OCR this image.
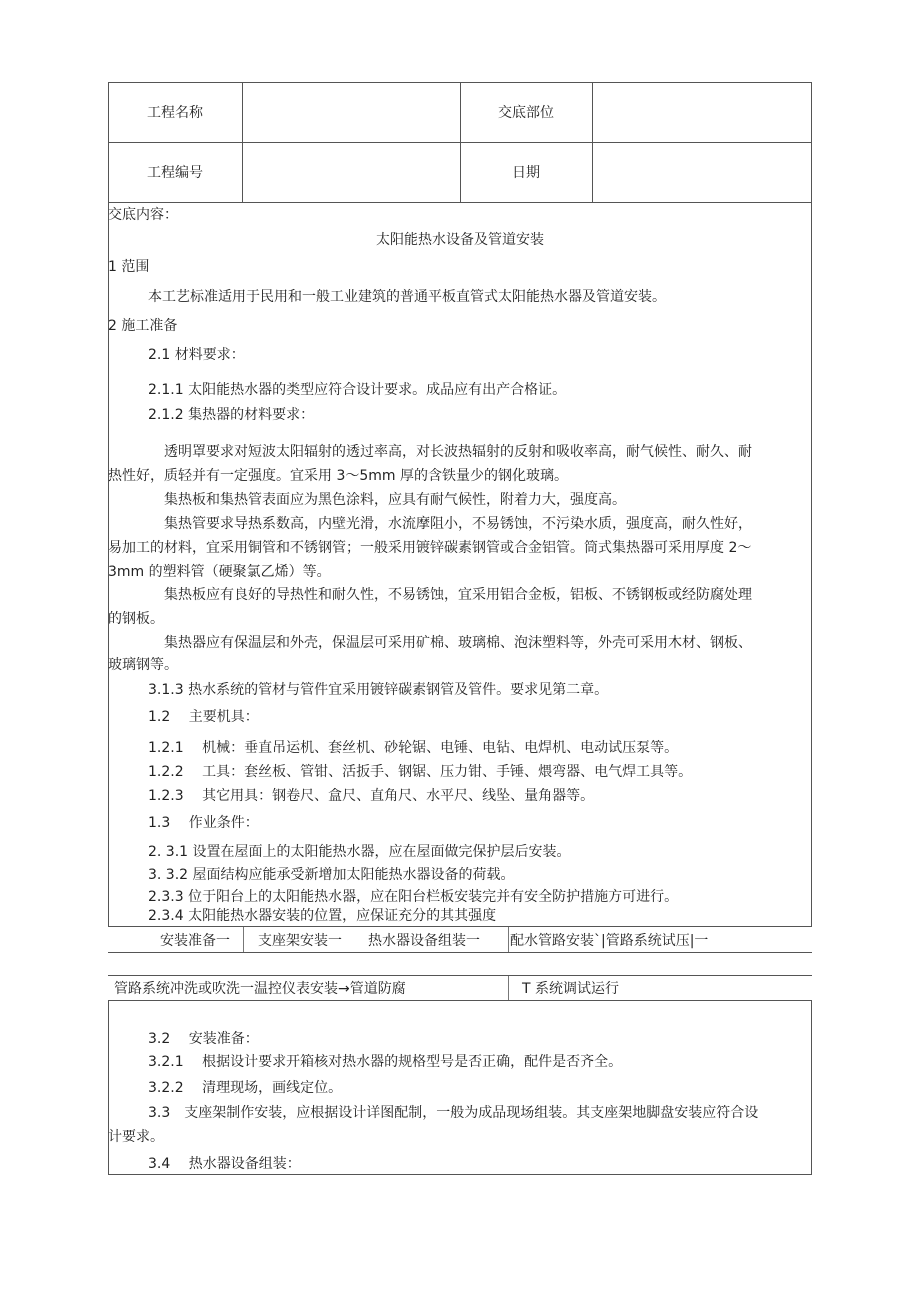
工程名称	交底部位
工程编号	日期
交底内容：
太阳能热水设备及管道安装
1 范围
本工艺标准适用于民用和一般工业建筑的普通平板直管式太阳能热水器及管道安装。
2 施工准备
2.1 材料要求：
2.1.1 太阳能热水器的类型应符合设计要求。成品应有出产合格证。
2.1.2 集热器的材料要求：
透明罩要求对短波太阳辐射的透过率高，对长波热辐射的反射和吸收率高，耐气候性、耐久、耐
热性好，质轻并有一定强度。宜采用 3～5mm 厚的含铁量少的钢化玻璃。
集热板和集热管表面应为黑色涂料，应具有耐气候性，附着力大，强度高。
集热管要求导热系数高，内壁光滑，水流摩阻小，不易锈蚀，不污染水质，强度高，耐久性好，
易加工的材料，宜采用铜管和不锈钢管；一般采用镀锌碳素钢管或合金铝管。筒式集热器可采用厚度 2～
3mm 的塑料管（硬聚氯乙烯）等。
集热板应有良好的导热性和耐久性，不易锈蚀，宜采用铝合金板，铝板、不锈钢板或经防腐处理
的钢板。
集热器应有保温层和外壳，保温层可采用矿棉、玻璃棉、泡沫塑料等，外壳可采用木材、钢板、
玻璃钢等。
3.1.3 热水系统的管材与管件宜采用镀锌碳素钢管及管件。要求见第二章。
1.2　 主要机具：
1.2.1　 机械：垂直吊运机、套丝机、砂轮锯、电锤、电钻、电焊机、电动试压泵等。
1.2.2　 工具：套丝板、管钳、活扳手、钢锯、压力钳、手锤、煨弯器、电气焊工具等。
1.2.3　 其它用具：钢卷尺、盒尺、直角尺、水平尺、线坠、量角器等。
1.3　 作业条件：
2. 3.1 设置在屋面上的太阳能热水器，应在屋面做完保护层后安装。
3. 3.2 屋面结构应能承受新增加太阳能热水器设备的荷载。
2.3.3 位于阳台上的太阳能热水器，应在阳台栏板安装完并有安全防护措施方可进行。
2.3.4 太阳能热水器安装的位置，应保证充分的其其强度
安装准备一 支座架安装一 热水器设备组装一 配水管路安装`|管路系统试压|一
管路系统冲洗或吹洗一温控仪表安装→管道防腐	T 系统调试运行
3.2　 安装准备：
3.2.1　 根据设计要求开箱核对热水器的规格型号是否正确，配件是否齐全。
3.2.2　 清理现场，画线定位。
3.3　支座架制作安装，应根据设计详图配制，一般为成品现场组装。其支座架地脚盘安装应符合设
计要求。
3.4　 热水器设备组装：
